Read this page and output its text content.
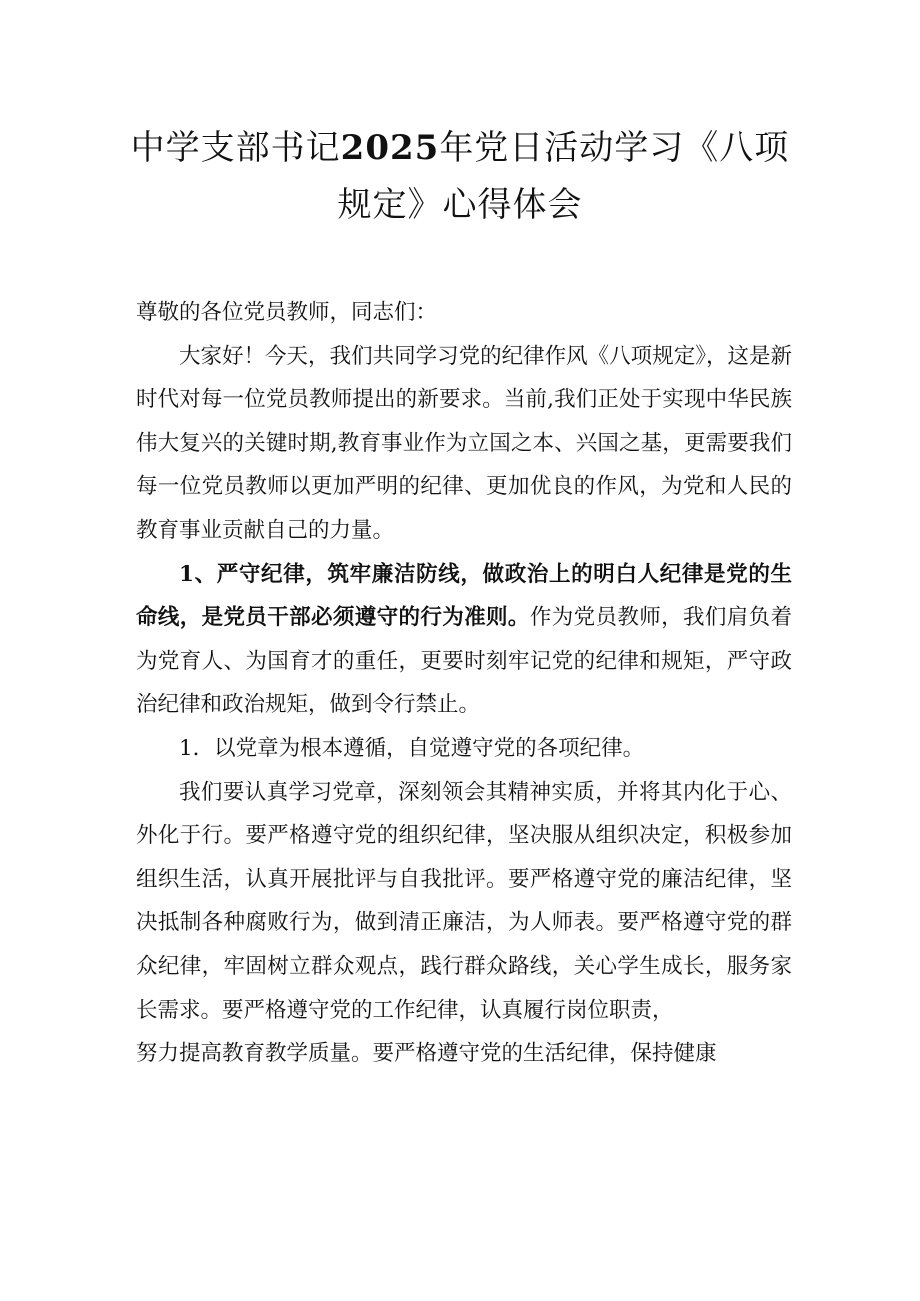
中学支部书记2025年党日活动学习《八项规定》心得体会

尊敬的各位党员教师，同志们：

大家好！今天，我们共同学习党的纪律作风《八项规定》，这是新时代对每一位党员教师提出的新要求。当前,我们正处于实现中华民族伟大复兴的关键时期,教育事业作为立国之本、兴国之基，更需要我们每一位党员教师以更加严明的纪律、更加优良的作风，为党和人民的教育事业贡献自己的力量。

1、严守纪律，筑牢廉洁防线，做政治上的明白人纪律是党的生命线，是党员干部必须遵守的行为准则。作为党员教师，我们肩负着为党育人、为国育才的重任，更要时刻牢记党的纪律和规矩，严守政治纪律和政治规矩，做到令行禁止。

1．以党章为根本遵循，自觉遵守党的各项纪律。

我们要认真学习党章，深刻领会其精神实质，并将其内化于心、外化于行。要严格遵守党的组织纪律，坚决服从组织决定，积极参加组织生活，认真开展批评与自我批评。要严格遵守党的廉洁纪律，坚决抵制各种腐败行为，做到清正廉洁，为人师表。要严格遵守党的群众纪律，牢固树立群众观点，践行群众路线，关心学生成长，服务家长需求。要严格遵守党的工作纪律，认真履行岗位职责，

努力提高教育教学质量。要严格遵守党的生活纪律，保持健康
